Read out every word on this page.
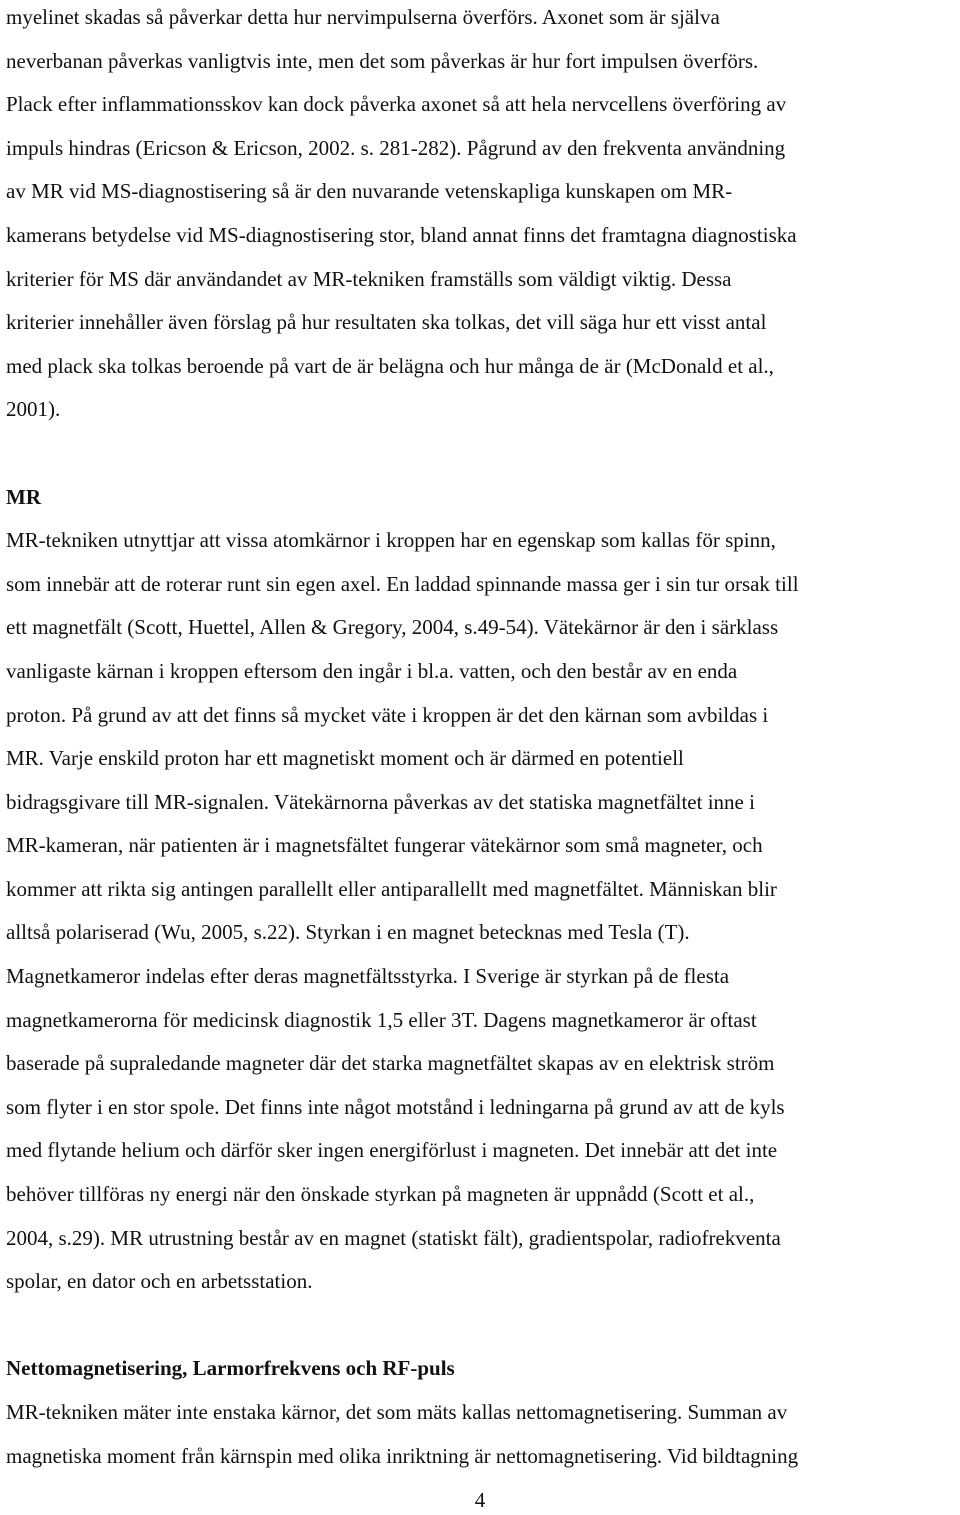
myelinet skadas så påverkar detta hur nervimpulserna överförs. Axonet som är själva
neverbanan påverkas vanligtvis inte, men det som påverkas är hur fort impulsen överförs.
Plack efter inflammationsskov kan dock påverka axonet så att hela nervcellens överföring av
impuls hindras (Ericson & Ericson, 2002. s. 281-282). Pågrund av den frekventa användning
av MR vid MS-diagnostisering så är den nuvarande vetenskapliga kunskapen om MR-
kamerans betydelse vid MS-diagnostisering stor, bland annat finns det framtagna diagnostiska
kriterier för MS där användandet av MR-tekniken framställs som väldigt viktig. Dessa
kriterier innehåller även förslag på hur resultaten ska tolkas, det vill säga hur ett visst antal
med plack ska tolkas beroende på vart de är belägna och hur många de är (McDonald et al.,
2001).
MR
MR-tekniken utnyttjar att vissa atomkärnor i kroppen har en egenskap som kallas för spinn,
som innebär att de roterar runt sin egen axel. En laddad spinnande massa ger i sin tur orsak till
ett magnetfält (Scott, Huettel, Allen & Gregory, 2004, s.49-54). Vätekärnor är den i särklass
vanligaste kärnan i kroppen eftersom den ingår i bl.a. vatten, och den består av en enda
proton. På grund av att det finns så mycket väte i kroppen är det den kärnan som avbildas i
MR. Varje enskild proton har ett magnetiskt moment och är därmed en potentiell
bidragsgivare till MR-signalen. Vätekärnorna påverkas av det statiska magnetfältet inne i
MR-kameran, när patienten är i magnetsfältet fungerar vätekärnor som små magneter, och
kommer att rikta sig antingen parallellt eller antiparallellt med magnetfältet. Människan blir
alltså polariserad (Wu, 2005, s.22). Styrkan i en magnet betecknas med Tesla (T).
Magnetkameror indelas efter deras magnetfältsstyrka. I Sverige är styrkan på de flesta
magnetkamerorna för medicinsk diagnostik 1,5 eller 3T. Dagens magnetkameror är oftast
baserade på supraledande magneter där det starka magnetfältet skapas av en elektrisk ström
som flyter i en stor spole. Det finns inte något motstånd i ledningarna på grund av att de kyls
med flytande helium och därför sker ingen energiförlust i magneten. Det innebär att det inte
behöver tillföras ny energi när den önskade styrkan på magneten är uppnådd (Scott et al.,
2004, s.29). MR utrustning består av en magnet (statiskt fält), gradientspolar, radiofrekventa
spolar, en dator och en arbetsstation.
Nettomagnetisering, Larmorfrekvens och RF-puls
MR-tekniken mäter inte enstaka kärnor, det som mäts kallas nettomagnetisering. Summan av
magnetiska moment från kärnspin med olika inriktning är nettomagnetisering. Vid bildtagning
4
